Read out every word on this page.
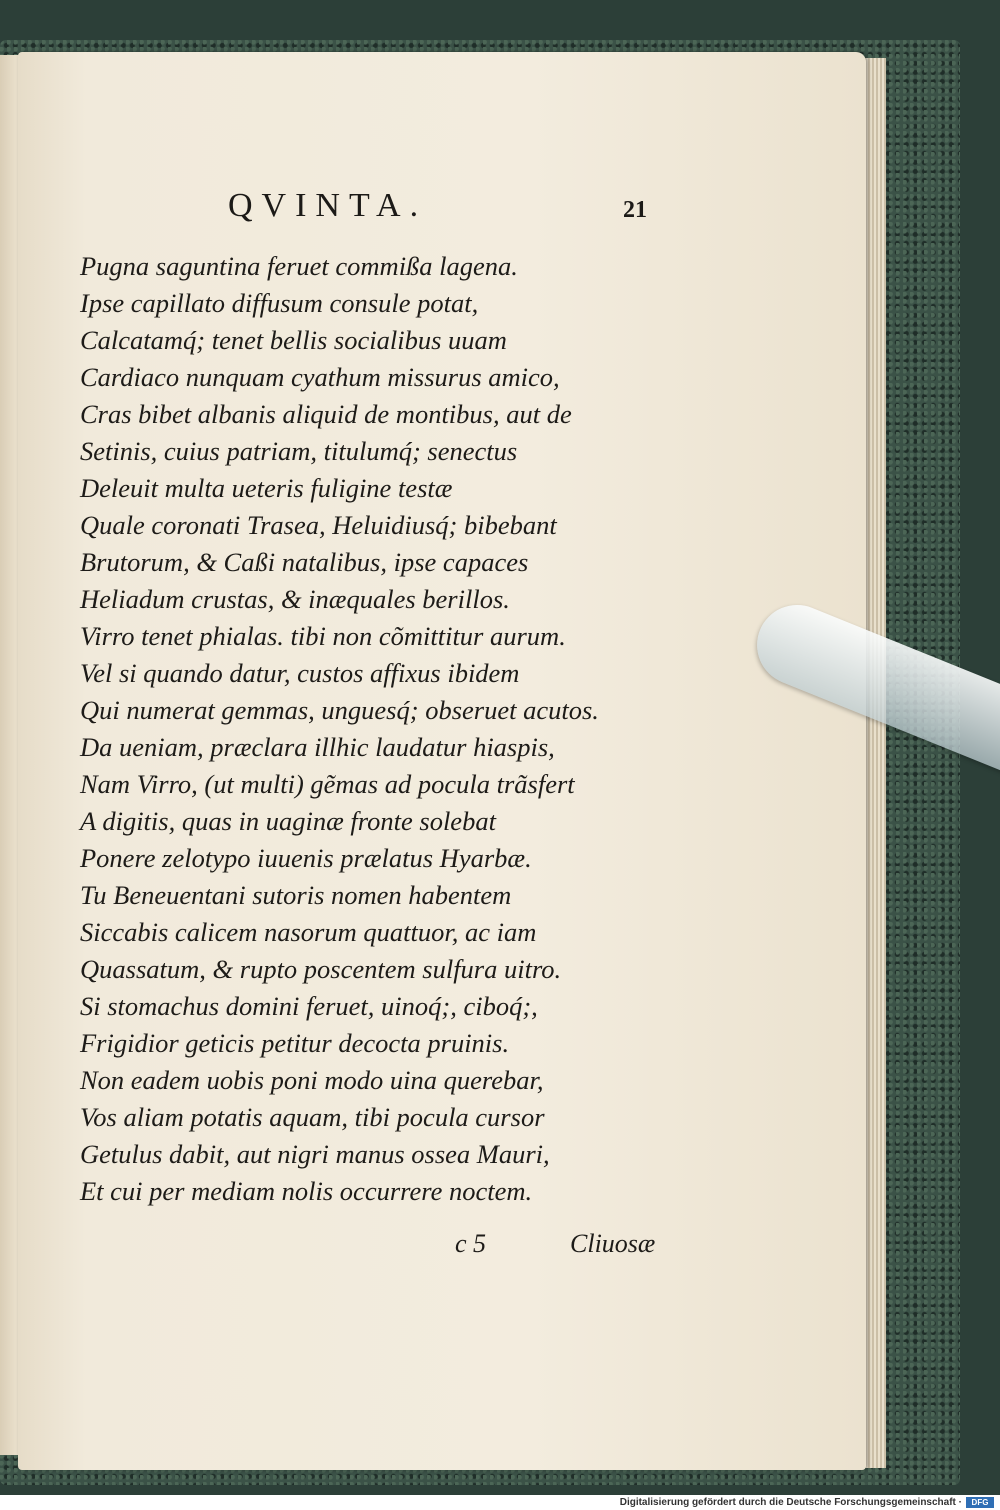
QVINTA.	21
Pugna saguntina feruet commißa lagena.
Ipse capillato diffusum consule potat,
Calcatamq́; tenet bellis socialibus uuam
Cardiaco nunquam cyathum missurus amico,
Cras bibet albanis aliquid de montibus, aut de
Setinis, cuius patriam, titulumq́; senectus
Deleuit multa ueteris fuligine testæ
Quale coronati Trasea, Heluidiusq́; bibebant
Brutorum, & Caßi natalibus, ipse capaces
Heliadum crustas, & inæquales berillos.
Virro tenet phialas. tibi non cõmittitur aurum.
Vel si quando datur, custos affixus ibidem
Qui numerat gemmas, unguesq́; obseruet acutos.
Da ueniam, præclara illhic laudatur hiaspis,
Nam Virro, (ut multi) gẽmas ad pocula trãsfert
A digitis, quas in uaginæ fronte solebat
Ponere zelotypo iuuenis prælatus Hyarbæ.
Tu Beneuentani sutoris nomen habentem
Siccabis calicem nasorum quattuor, ac iam
Quassatum, & rupto poscentem sulfura uitro.
Si stomachus domini feruet, uinoq́;, ciboq́;,
Frigidior geticis petitur decocta pruinis.
Non eadem uobis poni modo uina querebar,
Vos aliam potatis aquam, tibi pocula cursor
Getulus dabit, aut nigri manus ossea Mauri,
Et cui per mediam nolis occurrere noctem.
c 5	Cliuosæ
Digitalisierung gefördert durch die Deutsche Forschungsgemeinschaft ·	DFG
